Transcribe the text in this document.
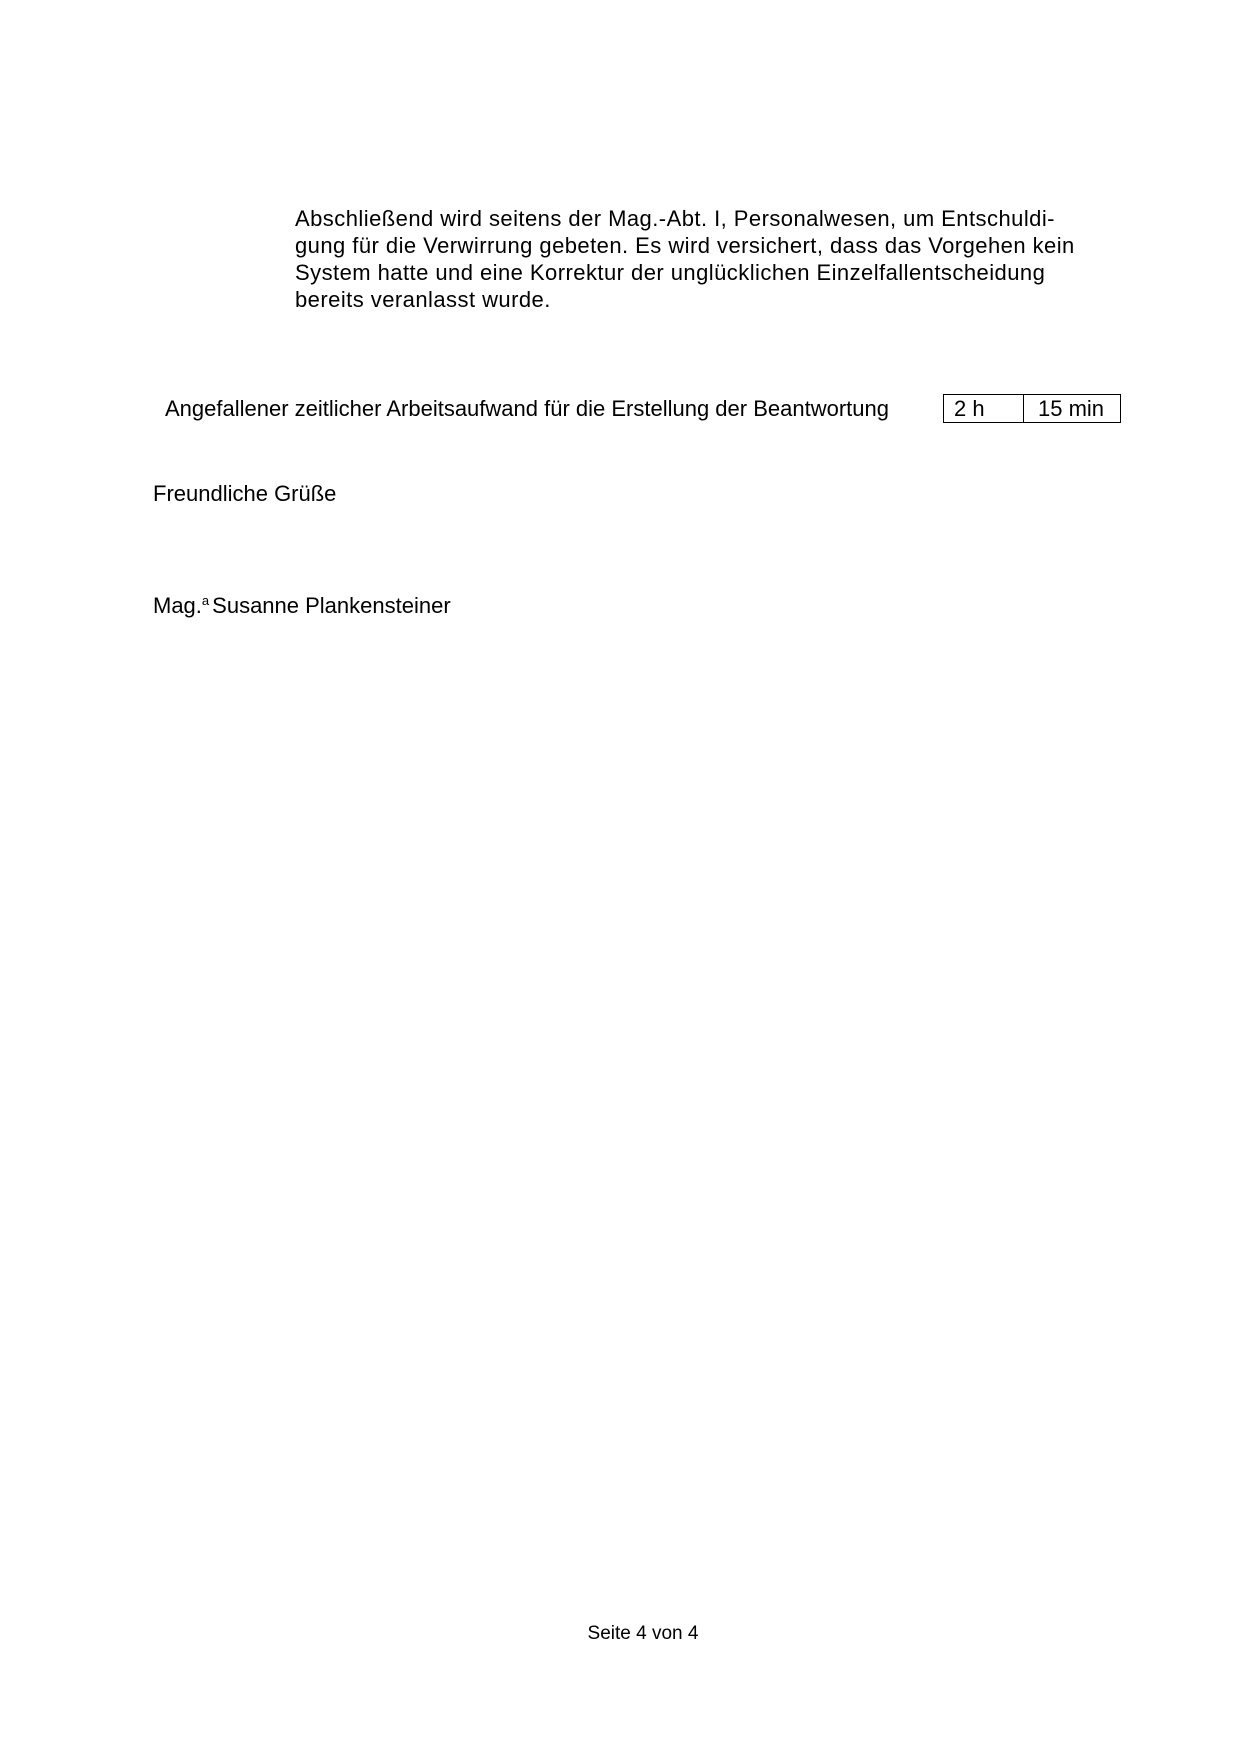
Abschließend wird seitens der Mag.-Abt. I, Personalwesen, um Entschuldi-
gung für die Verwirrung gebeten. Es wird versichert, dass das Vorgehen kein
System hatte und eine Korrektur der unglücklichen Einzelfallentscheidung
bereits veranlasst wurde.
Angefallener zeitlicher Arbeitsaufwand für die Erstellung der Beantwortung	2 h	15 min
Freundliche Grüße
Mag.$^a$ Susanne Plankensteiner
Seite 4 von 4
